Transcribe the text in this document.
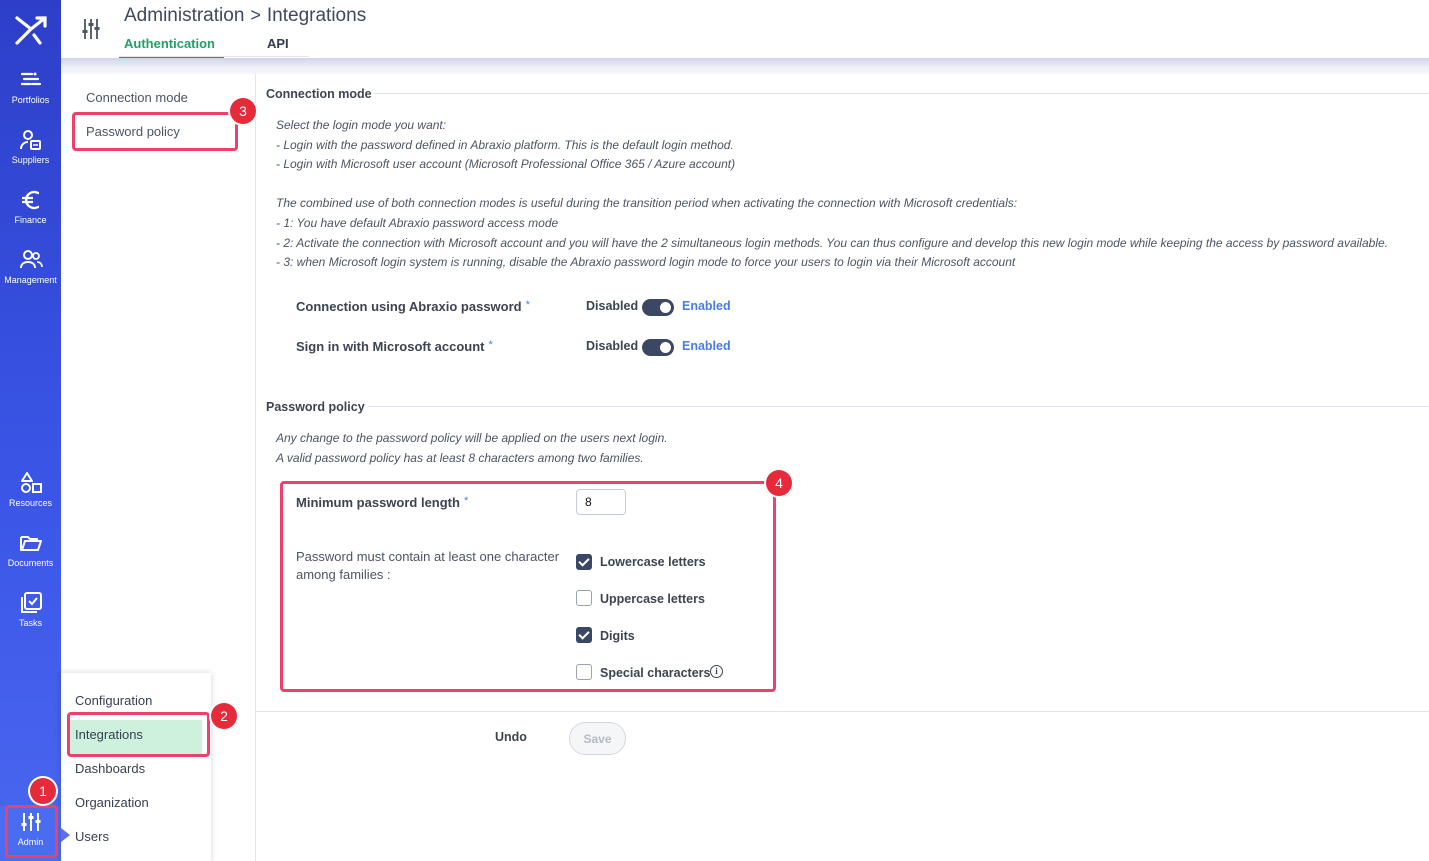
Portfolios
Suppliers
Finance
Management
Resources
Documents
Tasks
Admin
Administration > Integrations
Authentication	API
Connection mode
Password policy
Connection mode
Select the login mode you want:
- Login with the password defined in Abraxio platform. This is the default login method.
- Login with Microsoft user account (Microsoft Professional Office 365 / Azure account)
The combined use of both connection modes is useful during the transition period when activating the connection with Microsoft credentials:
- 1: You have default Abraxio password access mode
- 2: Activate the connection with Microsoft account and you will have the 2 simultaneous login methods. You can thus configure and develop this new login mode while keeping the access by password available.
- 3: when Microsoft login system is running, disable the Abraxio password login mode to force your users to login via their Microsoft account
Connection using Abraxio password *	Disabled	Enabled
Sign in with Microsoft account *	Disabled	Enabled
Password policy
Any change to the password policy will be applied on the users next login.
A valid password policy has at least 8 characters among two families.
Minimum password length *
8
Password must contain at least one character among families :
Lowercase letters
Uppercase letters
Digits
Special characters i
Undo	Save
Configuration
Integrations
Dashboards
Organization
Users
1
2
3
4
